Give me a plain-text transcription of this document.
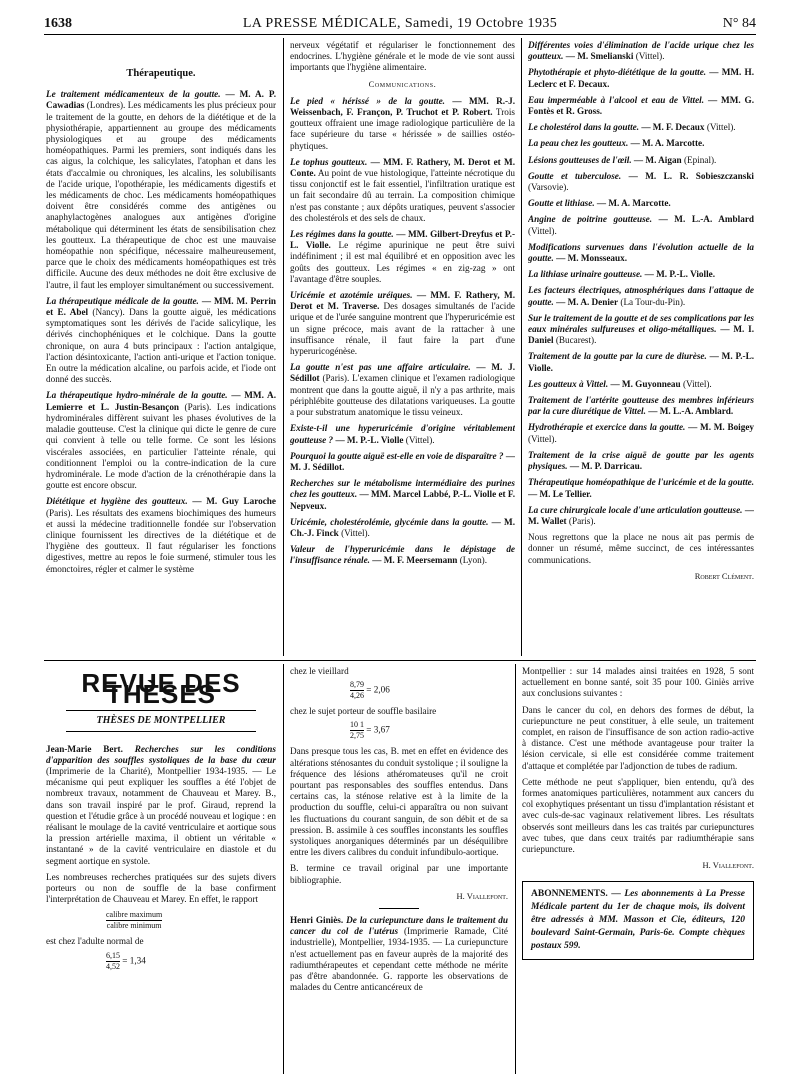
1638	LA PRESSE MÉDICALE, Samedi, 19 Octobre 1935	N° 84
Thérapeutique.

Le traitement médicamenteux de la goutte. — M. A. P. Cawadias (Londres). Les médicaments les plus précieux pour le traitement de la goutte, en dehors de la diététique et de la physiothérapie, appartiennent au groupe des médicaments physiologiques et au groupe des médicaments homéopathiques. Parmi les premiers, sont indiqués dans les cas aigus, la colchique, les salicylates, l'atophan et dans les états d'accalmie ou chroniques, les alcalins, les solubilisants de l'acide urique, l'opothérapie, les médicaments digestifs et les médicaments de choc. Les médicaments homéopathiques doivent être considérés comme des antigènes ou anaphylactogènes analogues aux antigènes d'origine métabolique qui déterminent les états de sensibilisation chez les goutteux. La thérapeutique de choc est une mauvaise homéopathie non spécifique, nécessaire malheureusement, parce que le choix des médicaments homéopathiques est très difficile. Aucune des deux méthodes ne doit être exclusive de l'autre, il faut les employer simultanément ou successivement.

La thérapeutique médicale de la goutte. — MM. M. Perrin et E. Abel (Nancy). Dans la goutte aiguë, les médications symptomatiques sont les dérivés de l'acide salicylique, les dérivés cinchophéniques et le colchique. Dans la goutte chronique, on aura 4 buts principaux : l'action antalgique, l'action désintoxicante, l'action anti-urique et l'action tonique. En outre la médication alcaline, ou parfois acide, et l'iode ont donné des succès.

La thérapeutique hydro-minérale de la goutte. — MM. A. Lemierre et L. Justin-Besançon (Paris). Les indications hydrominérales diffèrent suivant les phases évolutives de la maladie goutteuse. C'est la clinique qui dicte le genre de cure qui convient à telle ou telle forme. Ce sont les lésions viscérales associées, en particulier l'atteinte rénale, qui conditionnent l'emploi ou la contre-indication de la cure hydrominérale. Le mode d'action de la crénothérapie dans la goutte est encore obscur.

Diététique et hygiène des goutteux. — M. Guy Laroche (Paris). Les résultats des examens biochimiques des humeurs et aussi la médecine traditionnelle fondée sur l'observation clinique fournissent les directives de la diététique et de l'hygiène des goutteux. Il faut régulariser les fonctions digestives, mettre au repos le foie surmené, stimuler tous les émonctoires, régler et calmer le système

nerveux végétatif et régulariser le fonctionnement des endocrines. L'hygiène générale et le mode de vie sont aussi importants que l'hygiène alimentaire.

Communications.

Le pied « hérissé » de la goutte. — MM. R.-J. Weissenbach, F. Françon, P. Truchot et P. Robert. Trois goutteux offraient une image radiologique particulière de la face supérieure du tarse « hérissée » de saillies ostéo-phytiques.

Le tophus goutteux. — MM. F. Rathery, M. Derot et M. Conte. Au point de vue histologique, l'atteinte nécrotique du tissu conjonctif est le fait essentiel, l'infiltration uratique est un fait secondaire dû au terrain. La composition chimique n'est pas constante ; aux dépôts uratiques, peuvent s'associer des cholestérols et des sels de chaux.

Les régimes dans la goutte. — MM. Gilbert-Dreyfus et P.-L. Violle. Le régime apurinique ne peut être suivi indéfiniment ; il est mal équilibré et en opposition avec les goûts des goutteux. Les régimes « en zig-zag » ont l'avantage d'être souples.

Uricémie et azotémie uréiques. — MM. F. Rathery, M. Derot et M. Traverse. Des dosages simultanés de l'acide urique et de l'urée sanguine montrent que l'hyperuricémie est un signe précoce, mais avant de la rattacher à une insuffisance rénale, il faut faire la part d'une hyperuricogénèse.

La goutte n'est pas une affaire articulaire. — M. J. Sédillot (Paris). L'examen clinique et l'examen radiologique montrent que dans la goutte aiguë, il n'y a pas arthrite, mais périphlébite goutteuse des dilatations variqueuses. La goutte a pour substratum anatomique le tissu veineux.

Existe-t-il une hyperuricémie d'origine véritablement goutteuse ? — M. P.-L. Violle (Vittel).

Pourquoi la goutte aiguë est-elle en voie de disparaître ? — M. J. Sédillot.

Recherches sur le métabolisme intermédiaire des purines chez les goutteux. — MM. Marcel Labbé, P.-L. Violle et F. Nepveux.

Uricémie, cholestérolémie, glycémie dans la goutte. — M. Ch.-J. Finck (Vittel).

Valeur de l'hyperuricémie dans le dépistage de l'insuffisance rénale. — M. F. Meersemann (Lyon).

Différentes voies d'élimination de l'acide urique chez les goutteux. — M. Smelianski (Vittel).

Phytothérapie et phyto-diététique de la goutte. — MM. H. Leclerc et F. Decaux.

Eau imperméable à l'alcool et eau de Vittel. — MM. G. Fontès et R. Gross.

Le cholestérol dans la goutte. — M. F. Decaux (Vittel).

La peau chez les goutteux. — M. A. Marcotte.

Lésions goutteuses de l'œil. — M. Aigan (Epinal).

Goutte et tuberculose. — M. L. R. Sobieszczanski (Varsovie).

Goutte et lithiase. — M. A. Marcotte.

Angine de poitrine goutteuse. — M. L.-A. Amblard (Vittel).

Modifications survenues dans l'évolution actuelle de la goutte. — M. Monsseaux.

La lithiase urinaire goutteuse. — M. P.-L. Violle.

Les facteurs électriques, atmosphériques dans l'attaque de goutte. — M. A. Denier (La Tour-du-Pin).

Sur le traitement de la goutte et de ses complications par les eaux minérales sulfureuses et oligo-métalliques. — M. I. Daniel (Bucarest).

Traitement de la goutte par la cure de diurèse. — M. P.-L. Violle.

Les goutteux à Vittel. — M. Guyonneau (Vittel).

Traitement de l'artérite goutteuse des membres inférieurs par la cure diurétique de Vittel. — M. L.-A. Amblard.

Hydrothérapie et exercice dans la goutte. — M. M. Boigey (Vittel).

Traitement de la crise aiguë de goutte par les agents physiques. — M. P. Darricau.

Thérapeutique homéopathique de l'uricémie et de la goutte. — M. Le Tellier.

La cure chirurgicale locale d'une articulation goutteuse. — M. Wallet (Paris).

Nous regrettons que la place ne nous ait pas permis de donner un résumé, même succinct, de ces intéressantes communications.

Robert Clément.
REVUE DES THÈSES
THÈSES DE MONTPELLIER

Jean-Marie Bert. Recherches sur les conditions d'apparition des souffles systoliques de la base du cœur (Imprimerie de la Charité), Montpellier 1934-1935. — Le mécanisme qui peut expliquer les souffles a été l'objet de nombreux travaux, notamment de Chauveau et Marey. B., dans son travail inspiré par le prof. Giraud, reprend la question et l'étudie grâce à un procédé nouveau et logique : en réalisant le moulage de la cavité ventriculaire et aortique sous la pression artérielle maxima, il obtient un véritable « instantané » de la cavité ventriculaire en diastole et du segment aortique en systole.

Les nombreuses recherches pratiquées sur des sujets divers porteurs ou non de souffle de la base confirment l'interprétation de Chauveau et Marey. En effet, le rapport

$\frac{\text{calibre maximum}}{\text{calibre minimum}}$
est chez l'adulte normal de
$\frac{6,15}{4,52} = 1,34$
chez le vieillard
$\frac{8,79}{4,26} = 2,06$
chez le sujet porteur de souffle basilaire
$\frac{10 1}{2,75} = 3,67$

Dans presque tous les cas, B. met en effet en évidence des altérations sténosantes du conduit systolique ; il souligne la fréquence des lésions athéromateuses qu'il ne croit pourtant pas responsables des souffles entendus. Dans certains cas, la sténose relative est à la limite de la production du souffle, celui-ci apparaîtra ou non suivant les fluctuations du courant sanguin, de son débit et de sa pression. B. assimile à ces souffles inconstants les souffles systoliques anorganiques déterminés par un déséquilibre entre les divers calibres du conduit infundibulo-aortique.

B. termine ce travail original par une importante bibliographie.

H. Viallefont.

Henri Giniès. De la curiepuncture dans le traitement du cancer du col de l'utérus (Imprimerie Ramade, Cité industrielle), Montpellier, 1934-1935. — La curiepuncture n'est actuellement pas en faveur auprès de la majorité des radiumthérapeutes et cependant cette méthode ne mérite pas d'être abandonnée. G. rapporte les observations de malades du Centre anticancéreux de

Montpellier : sur 14 malades ainsi traitées en 1928, 5 sont actuellement en bonne santé, soit 35 pour 100. Giniès arrive aux conclusions suivantes :

Dans le cancer du col, en dehors des formes de début, la curiepuncture ne peut constituer, à elle seule, un traitement complet, en raison de l'insuffisance de son action radio-active à distance. C'est une méthode avantageuse pour traiter la lésion cervicale, si elle est considérée comme traitement d'attaque et complétée par l'adjonction de tubes de radium.

Cette méthode ne peut s'appliquer, bien entendu, qu'à des formes anatomiques particulières, notamment aux cancers du col exophytiques présentant un tissu d'implantation résistant et avec culs-de-sac vaginaux relativement libres. Les résultats observés sont meilleurs dans les cas traités par curiepunctures avec tubes, que dans ceux traités par radiumthérapie sans curiepuncture.

H. Viallefont.
ABONNEMENTS. — Les abonnements à La Presse Médicale partent du 1er de chaque mois, ils doivent être adressés à MM. Masson et Cie, éditeurs, 120 boulevard Saint-Germain, Paris-6e. Compte chèques postaux 599.
